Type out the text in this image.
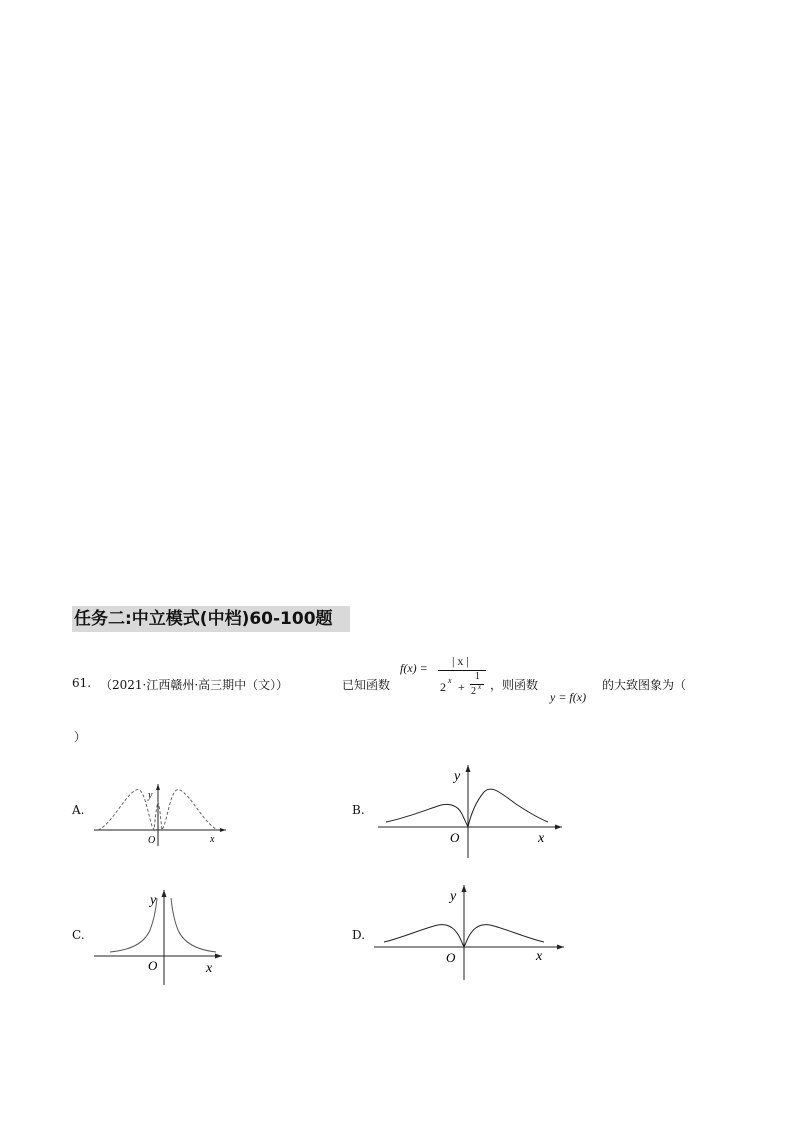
任务二:中立模式(中档)60-100题
61. （2021·江西赣州·高三期中（文））	已知函数
f(x) = | x |
2 x +
1
2 x ，则函数
y = f(x)
的大致图象为（
）
A.
O
y
x
B.
O
y
x
C.
O
y
x
D.
O
y
x
